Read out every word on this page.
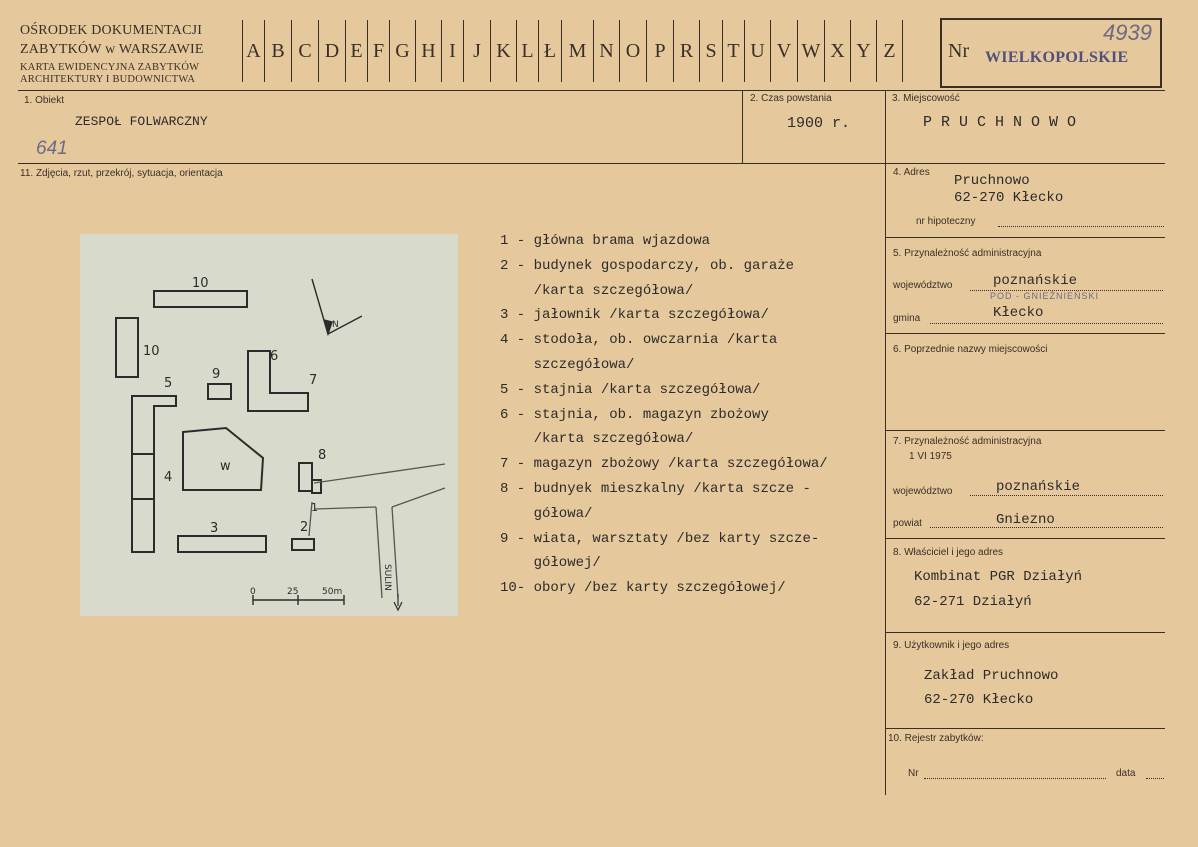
OŚRODEK DOKUMENTACJI
ZABYTKÓW w WARSZAWIE
KARTA EWIDENCYJNA ZABYTKÓW
ARCHITEKTURY I BUDOWNICTWA
A B C D E F G H I J K L Ł M N O P R S T U V W X Y Z	Nr WIELKOPOLSKIE
4939
1. Obiekt
ZESPOŁ FOLWARCZNY
641
2. Czas powstania
1900 r.
3. Miejscowość
P R U C H N O W O
11. Zdjęcia, rzut, przekrój, sytuacja, orientacja
10
10
9
6
7
5
4
w
8
1
2
3
N
SULIN
0	25	50m
1 - główna brama wjazdowa
2 - budynek gospodarczy, ob. garaże
/karta szczegółowa/
3 - jałownik /karta szczegółowa/
4 - stodoła, ob. owczarnia /karta
szczegółowa/
5 - stajnia /karta szczegółowa/
6 - stajnia, ob. magazyn zbożowy
/karta szczegółowa/
7 - magazyn zbożowy /karta szczegółowa/
8 - budnyek mieszkalny /karta szcze -
gółowa/
9 - wiata, warsztaty /bez karty szcze-
gółowej/
10- obory /bez karty szczegółowej/
4. Adres
Pruchnowo
62-270 Kłecko
nr hipoteczny
5. Przynależność administracyjna
województwo	poznańskie
POD - GNIEŹNIEŃSKI
gmina	Kłecko
6. Poprzednie nazwy miejscowości
7. Przynależność administracyjna
1 VI 1975
województwo	poznańskie
powiat	Gniezno
8. Właściciel i jego adres
Kombinat PGR Działyń
62-271 Działyń
9. Użytkownik i jego adres
Zakład Pruchnowo
62-270 Kłecko
10. Rejestr zabytków:
Nr	data
